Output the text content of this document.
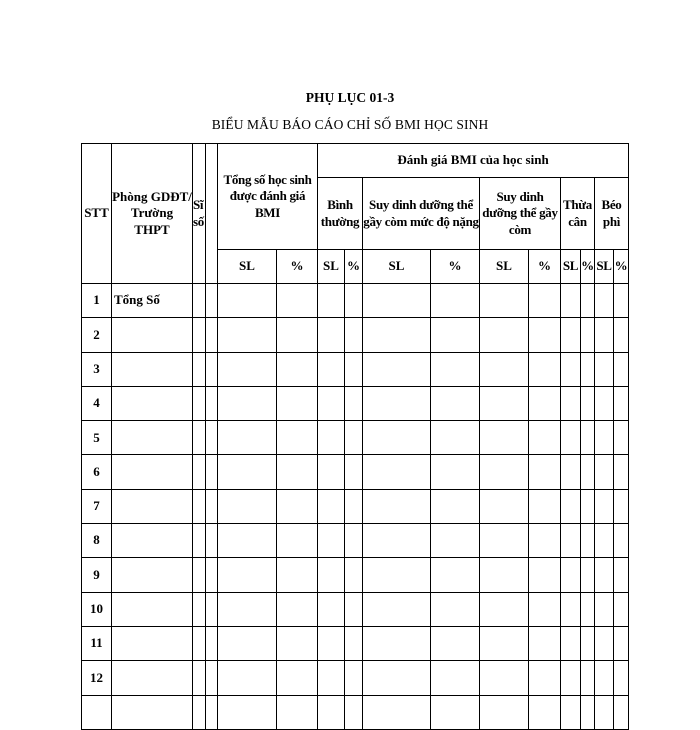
PHỤ LỤC 01-3
BIỂU MẪU BÁO CÁO CHỈ SỐ BMI HỌC SINH
STT	Phòng GDĐT/ Trường THPT	Sĩ số		Tổng số học sinh được đánh giá BMI		Đánh giá BMI của học sinh									
						Bình thường		Suy dinh dưỡng thể gầy còm mức độ nặng		Suy dinh dưỡng thể gầy còm		Thừa cân		Béo phì	
				SL	%	SL	%	SL	%	SL	%	SL	%	SL	%
1	Tổng Số														
2															
3															
4															
5															
6															
7															
8															
9															
10															
11															
12															
